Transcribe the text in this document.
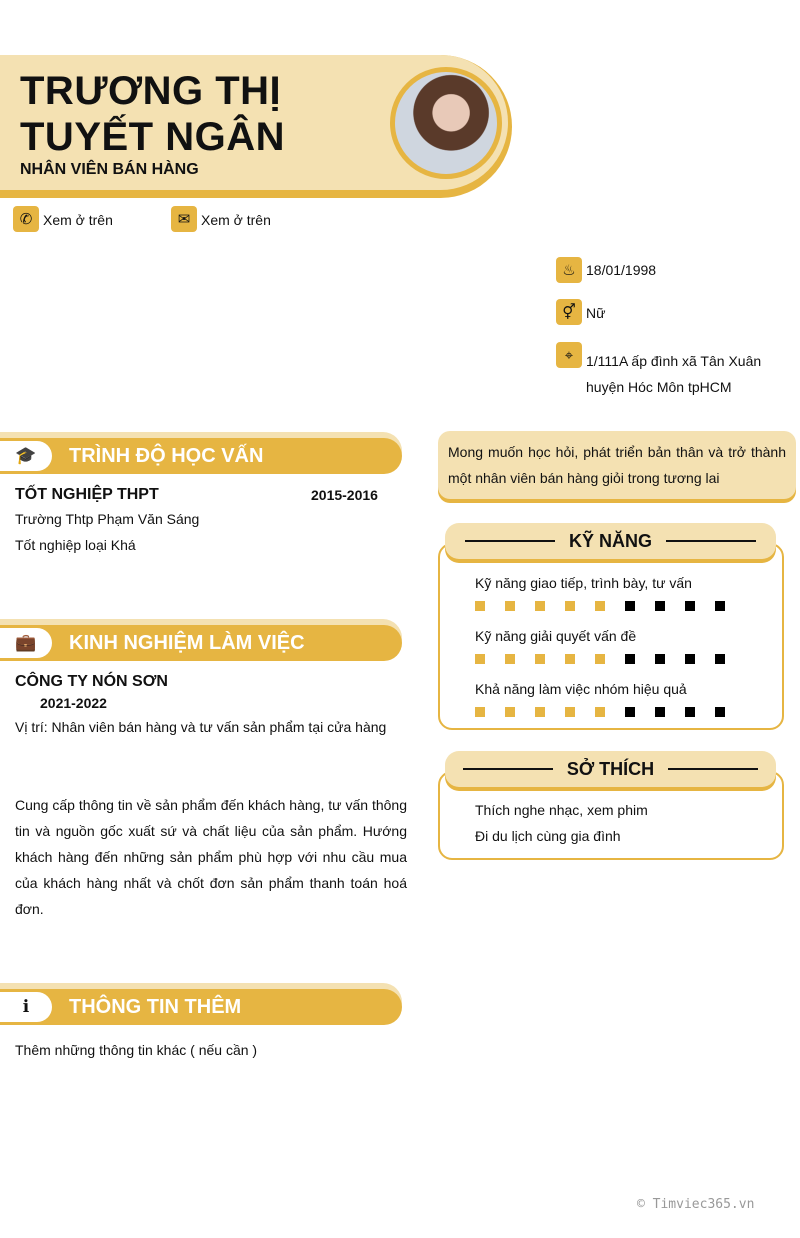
TRƯƠNG THỊ
TUYẾT NGÂN
NHÂN VIÊN BÁN HÀNG
✆ Xem ở trên	✉ Xem ở trên
♨ 18/01/1998
⚥ Nữ
⌖ 1/111A ấp đình xã Tân Xuân
huyện Hóc Môn tpHCM
🎓	TRÌNH ĐỘ HỌC VẤN
TỐT NGHIỆP THPT	2015-2016
Trường Thtp Phạm Văn Sáng
Tốt nghiệp loại Khá
💼	KINH NGHIỆM LÀM VIỆC
CÔNG TY NÓN SƠN
2021-2022
Vị trí: Nhân viên bán hàng và tư vấn sản phẩm tại cửa hàng
Cung cấp thông tin về sản phẩm đến khách hàng, tư vấn thông tin và nguồn gốc xuất sứ và chất liệu của sản phẩm. Hướng khách hàng đến những sản phẩm phù hợp với nhu cầu mua của khách hàng nhất và chốt đơn sản phẩm thanh toán hoá đơn.
ℹ	THÔNG TIN THÊM
Thêm những thông tin khác ( nếu cần )
Mong muốn học hỏi, phát triển bản thân và trở thành một nhân viên bán hàng giỏi trong tương lai
KỸ NĂNG
Kỹ năng giao tiếp, trình bày, tư vấn
Kỹ năng giải quyết vấn đề
Khả năng làm việc nhóm hiệu quả
SỞ THÍCH
Thích nghe nhạc, xem phim
Đi du lịch cùng gia đình
© Timviec365.vn
